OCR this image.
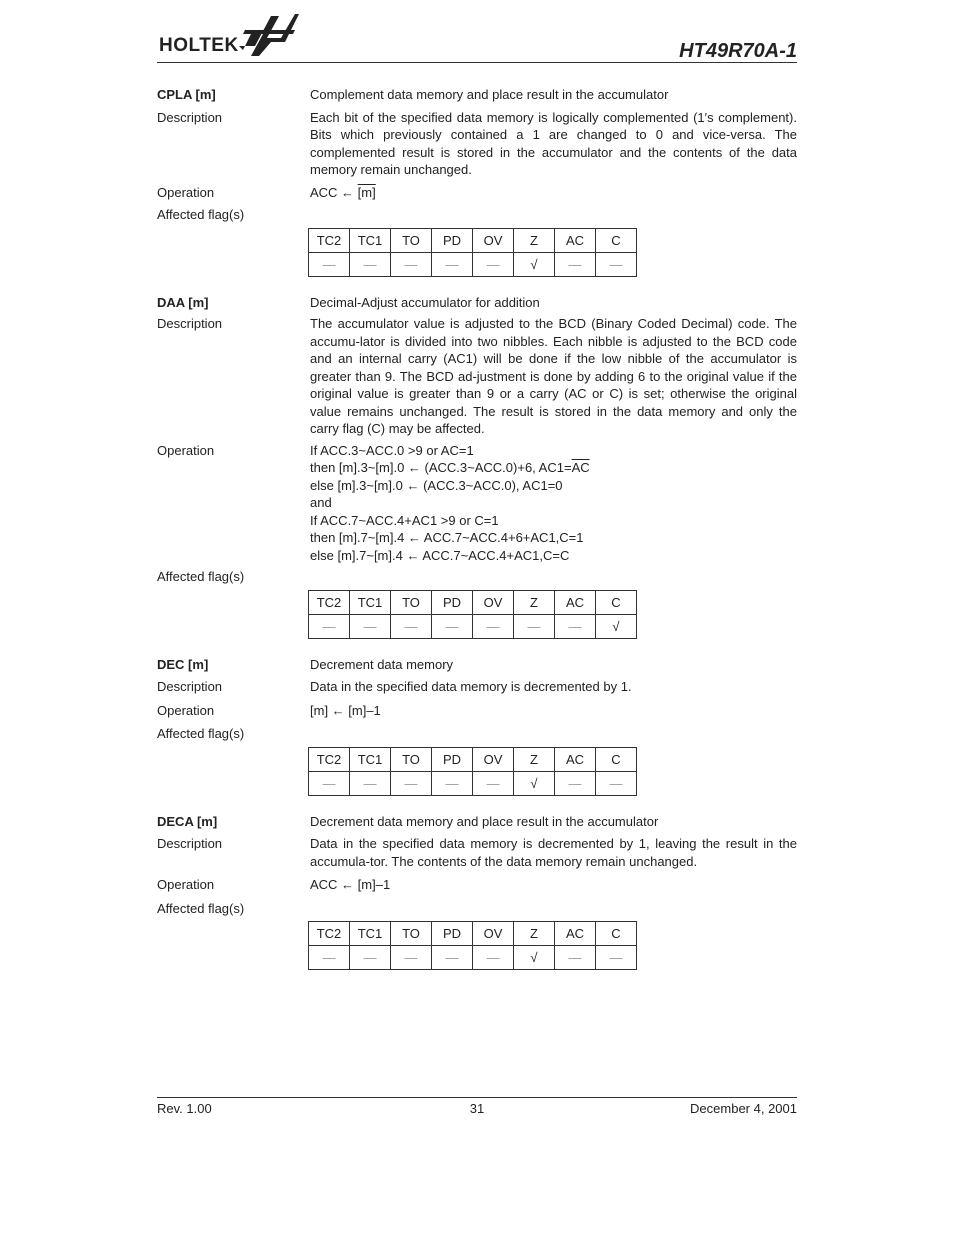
HOLTEK	HT49R70A-1
CPLA [m]	Complement data memory and place result in the accumulator
Description	Each bit of the specified data memory is logically complemented (1′s complement). Bits which previously contained a 1 are changed to 0 and vice-versa. The complemented result is stored in the accumulator and the contents of the data memory remain unchanged.
Operation	ACC ← [m]
Affected flag(s)
TC2	TC1	TO	PD	OV	Z	AC	C
—	—	—	—	—	√	—	—
DAA [m]	Decimal-Adjust accumulator for addition
Description	The accumulator value is adjusted to the BCD (Binary Coded Decimal) code. The accumu-lator is divided into two nibbles. Each nibble is adjusted to the BCD code and an internal carry (AC1) will be done if the low nibble of the accumulator is greater than 9. The BCD ad-justment is done by adding 6 to the original value if the original value is greater than 9 or a carry (AC or C) is set; otherwise the original value remains unchanged. The result is stored in the data memory and only the carry flag (C) may be affected.
Operation	If ACC.3~ACC.0 >9 or AC=1
then [m].3~[m].0 ← (ACC.3~ACC.0)+6, $AC1=\overline{AC}$
else [m].3~[m].0 ← (ACC.3~ACC.0), AC1=0
and
If ACC.7~ACC.4+AC1 >9 or C=1
then [m].7~[m].4 ← ACC.7~ACC.4+6+AC1,C=1
else [m].7~[m].4 ← ACC.7~ACC.4+AC1,C=C
Affected flag(s)
TC2	TC1	TO	PD	OV	Z	AC	C
—	—	—	—	—	—	—	√
DEC [m]	Decrement data memory
Description	Data in the specified data memory is decremented by 1.
Operation	[m] ← [m]–1
Affected flag(s)
TC2	TC1	TO	PD	OV	Z	AC	C
—	—	—	—	—	√	—	—
DECA [m]	Decrement data memory and place result in the accumulator
Description	Data in the specified data memory is decremented by 1, leaving the result in the accumula-tor. The contents of the data memory remain unchanged.
Operation	ACC ← [m]–1
Affected flag(s)
TC2	TC1	TO	PD	OV	Z	AC	C
—	—	—	—	—	√	—	—
Rev. 1.00	31	December 4, 2001
